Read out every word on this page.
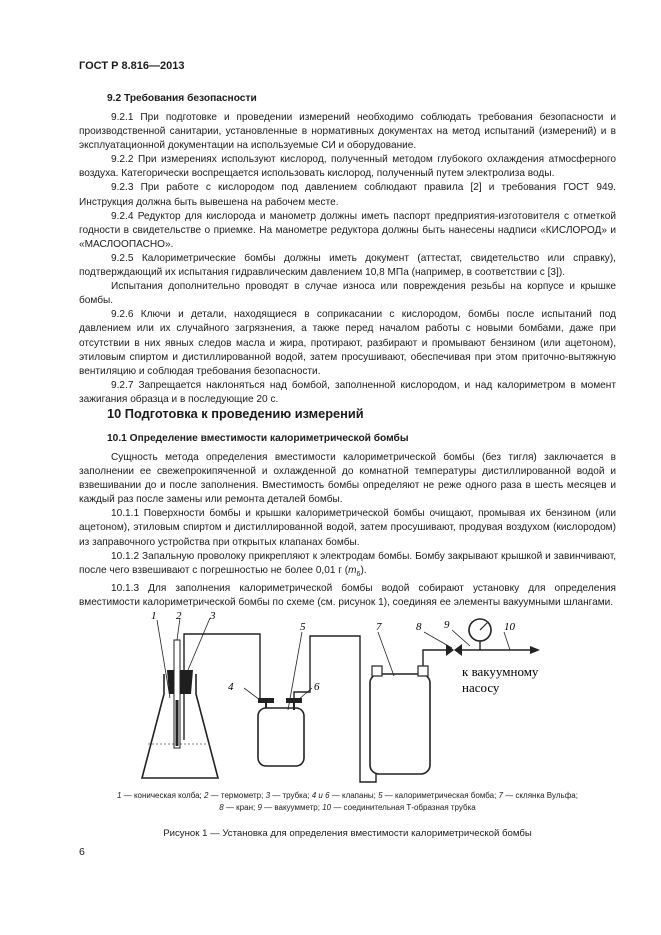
ГОСТ Р 8.816—2013

9.2 Требования безопасности

9.2.1 При подготовке и проведении измерений необходимо соблюдать требования безопасности и производственной санитарии, установленные в нормативных документах на метод испытаний (измерений) и в эксплуатационной документации на используемые СИ и оборудование.

9.2.2 При измерениях используют кислород, полученный методом глубокого охлаждения атмосферного воздуха. Категорически воспрещается использовать кислород, полученный путем электролиза воды.

9.2.3 При работе с кислородом под давлением соблюдают правила [2] и требования ГОСТ 949. Инструкция должна быть вывешена на рабочем месте.

9.2.4 Редуктор для кислорода и манометр должны иметь паспорт предприятия-изготовителя с отметкой годности в свидетельстве о приемке. На манометре редуктора должны быть нанесены надписи «КИСЛОРОД» и «МАСЛООПАСНО».

9.2.5 Калориметрические бомбы должны иметь документ (аттестат, свидетельство или справку), подтверждающий их испытания гидравлическим давлением 10,8 МПа (например, в соответствии с [3]).

Испытания дополнительно проводят в случае износа или повреждения резьбы на корпусе и крышке бомбы.

9.2.6 Ключи и детали, находящиеся в соприкасании с кислородом, бомбы после испытаний под давлением или их случайного загрязнения, а также перед началом работы с новыми бомбами, даже при отсутствии в них явных следов масла и жира, протирают, разбирают и промывают бензином (или ацетоном), этиловым спиртом и дистиллированной водой, затем просушивают, обеспечивая при этом приточно-вытяжную вентиляцию и соблюдая требования безопасности.

9.2.7 Запрещается наклоняться над бомбой, заполненной кислородом, и над калориметром в момент зажигания образца и в последующие 20 с.

10 Подготовка к проведению измерений

10.1 Определение вместимости калориметрической бомбы

Сущность метода определения вместимости калориметрической бомбы (без тигля) заключается в заполнении ее свежепрокипяченной и охлажденной до комнатной температуры дистиллированной водой и взвешивании до и после заполнения. Вместимость бомбы определяют не реже одного раза в шесть месяцев и каждый раз после замены или ремонта деталей бомбы.

10.1.1 Поверхности бомбы и крышки калориметрической бомбы очищают, промывая их бензином (или ацетоном), этиловым спиртом и дистиллированной водой, затем просушивают, продувая воздухом (кислородом) из заправочного устройства при открытых клапанах бомбы.

10.1.2 Запальную проволоку прикрепляют к электродам бомбы. Бомбу закрывают крышкой и завинчивают, после чего взвешивают с погрешностью не более 0,01 г $(m_6)$.

10.1.3 Для заполнения калориметрической бомбы водой собирают установку для определения вместимости калориметрической бомбы по схеме (см. рисунок 1), соединяя ее элементы вакуумными шлангами.

1 2	3
4
5
6
7	8 9	10
к вакуумному
насосу
1 — коническая колба; 2 — термометр; 3 — трубка; 4 и 6 — клапаны; 5 — калориметрическая бомба; 7 — склянка Вульфа;
8 — кран; 9 — вакуумметр; 10 — соединительная Т-образная трубка
Рисунок 1 — Установка для определения вместимости калориметрической бомбы
6
